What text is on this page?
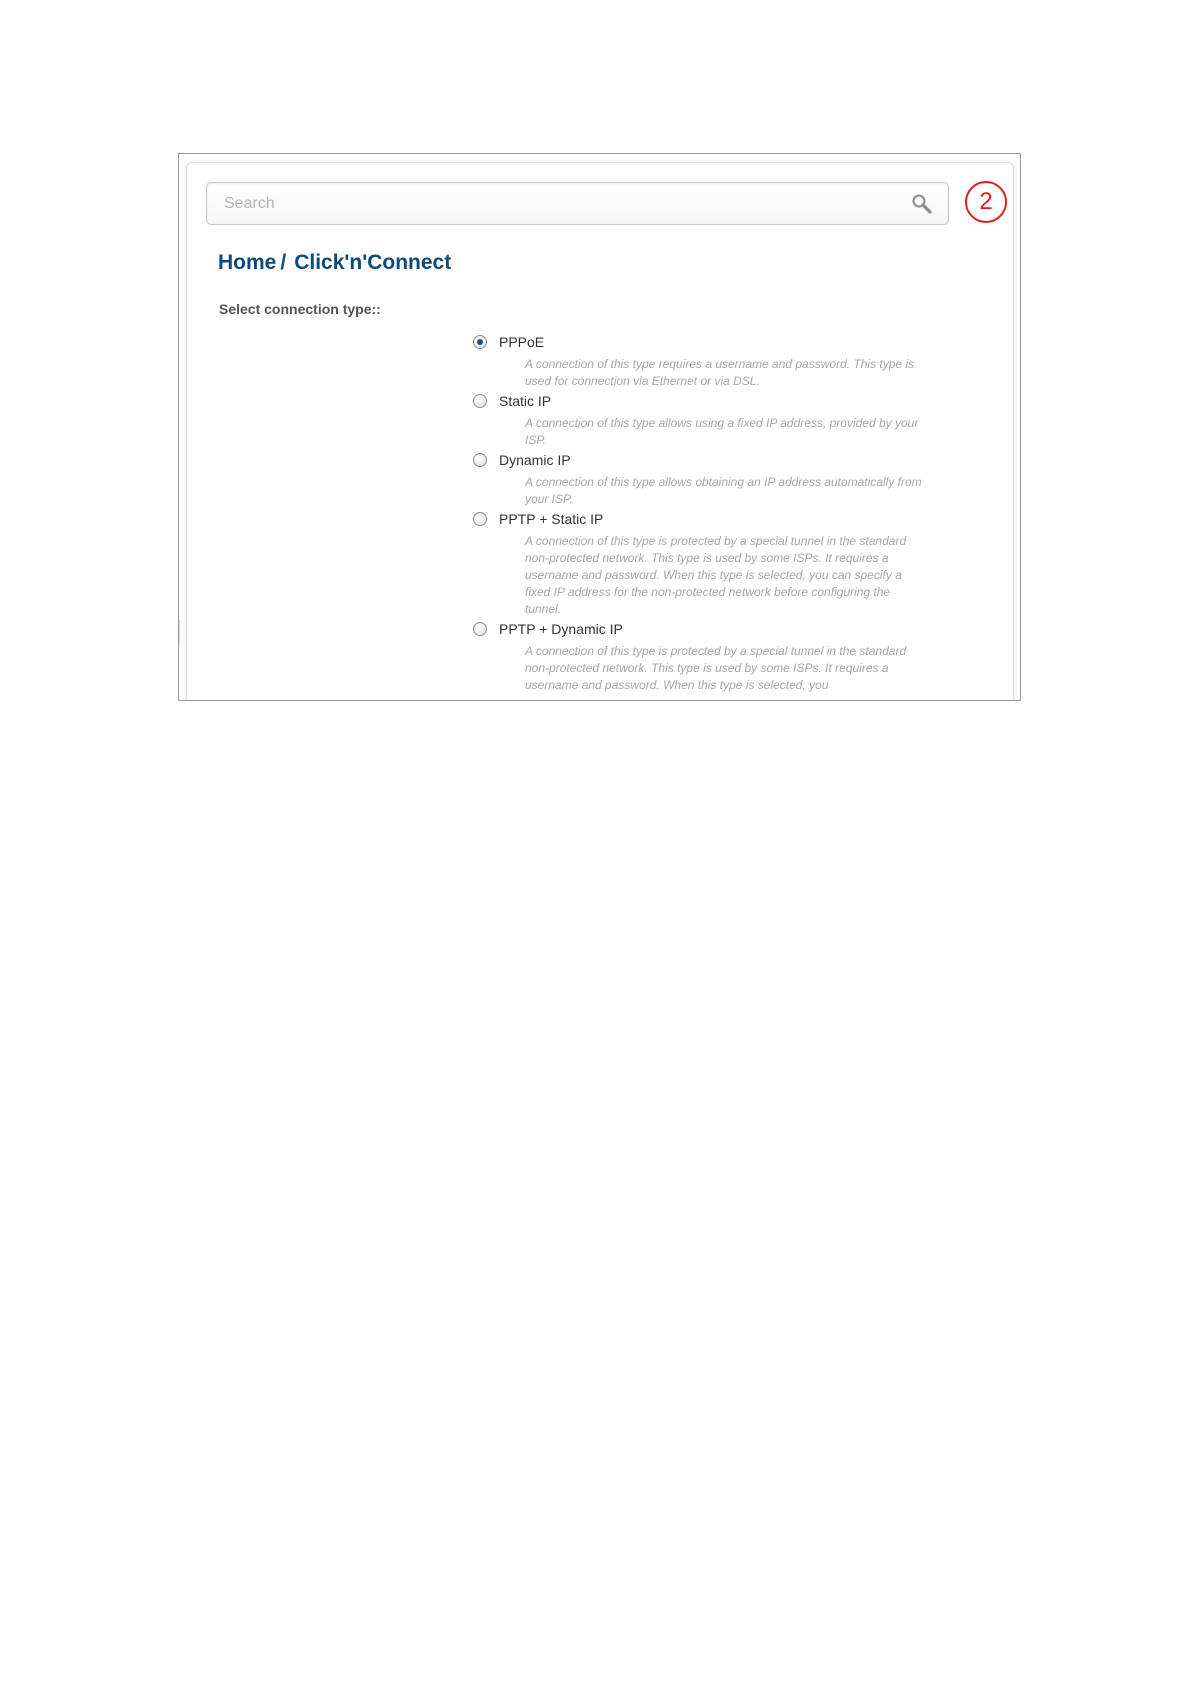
Search
2
Home / Click'n'Connect
Select connection type::
PPPoE
A connection of this type requires a username and password. This type is used for connection via Ethernet or via DSL.
Static IP
A connection of this type allows using a fixed IP address, provided by your ISP.
Dynamic IP
A connection of this type allows obtaining an IP address automatically from your ISP.
PPTP + Static IP
A connection of this type is protected by a special tunnel in the standard non-protected network. This type is used by some ISPs. It requires a username and password. When this type is selected, you can specify a fixed IP address for the non-protected network before configuring the tunnel.
PPTP + Dynamic IP
A connection of this type is protected by a special tunnel in the standard non-protected network. This type is used by some ISPs. It requires a username and password. When this type is selected, you
